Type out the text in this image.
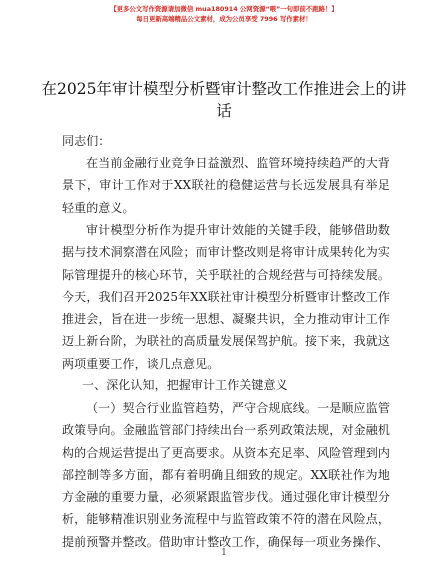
【更多公文写作资源请加微信 mua180914 公网资源“喂”一句即前不跑路！】
每日更新高端精品公文素材，成为公员享受 7996 写作素材！
在2025年审计模型分析暨审计整改工作推进会上的讲话
同志们：
在当前金融行业竞争日益激烈、监管环境持续趋严的大背景下，审计工作对于XX联社的稳健运营与长远发展具有举足轻重的意义。
审计模型分析作为提升审计效能的关键手段，能够借助数据与技术洞察潜在风险；而审计整改则是将审计成果转化为实际管理提升的核心环节，关乎联社的合规经营与可持续发展。今天，我们召开2025年XX联社审计模型分析暨审计整改工作推进会，旨在进一步统一思想、凝聚共识，全力推动审计工作迈上新台阶，为联社的高质量发展保驾护航。接下来，我就这两项重要工作，谈几点意见。
一、深化认知，把握审计工作关键意义
（一）契合行业监管趋势，严守合规底线。一是顺应监管政策导向。金融监管部门持续出台一系列政策法规，对金融机构的合规运营提出了更高要求。从资本充足率、风险管理到内部控制等多方面，都有着明确且细致的规定。XX联社作为地方金融的重要力量，必须紧跟监管步伐。通过强化审计模型分析，能够精准识别业务流程中与监管政策不符的潜在风险点，提前预警并整改。借助审计整改工作，确保每一项业务操作、
1
